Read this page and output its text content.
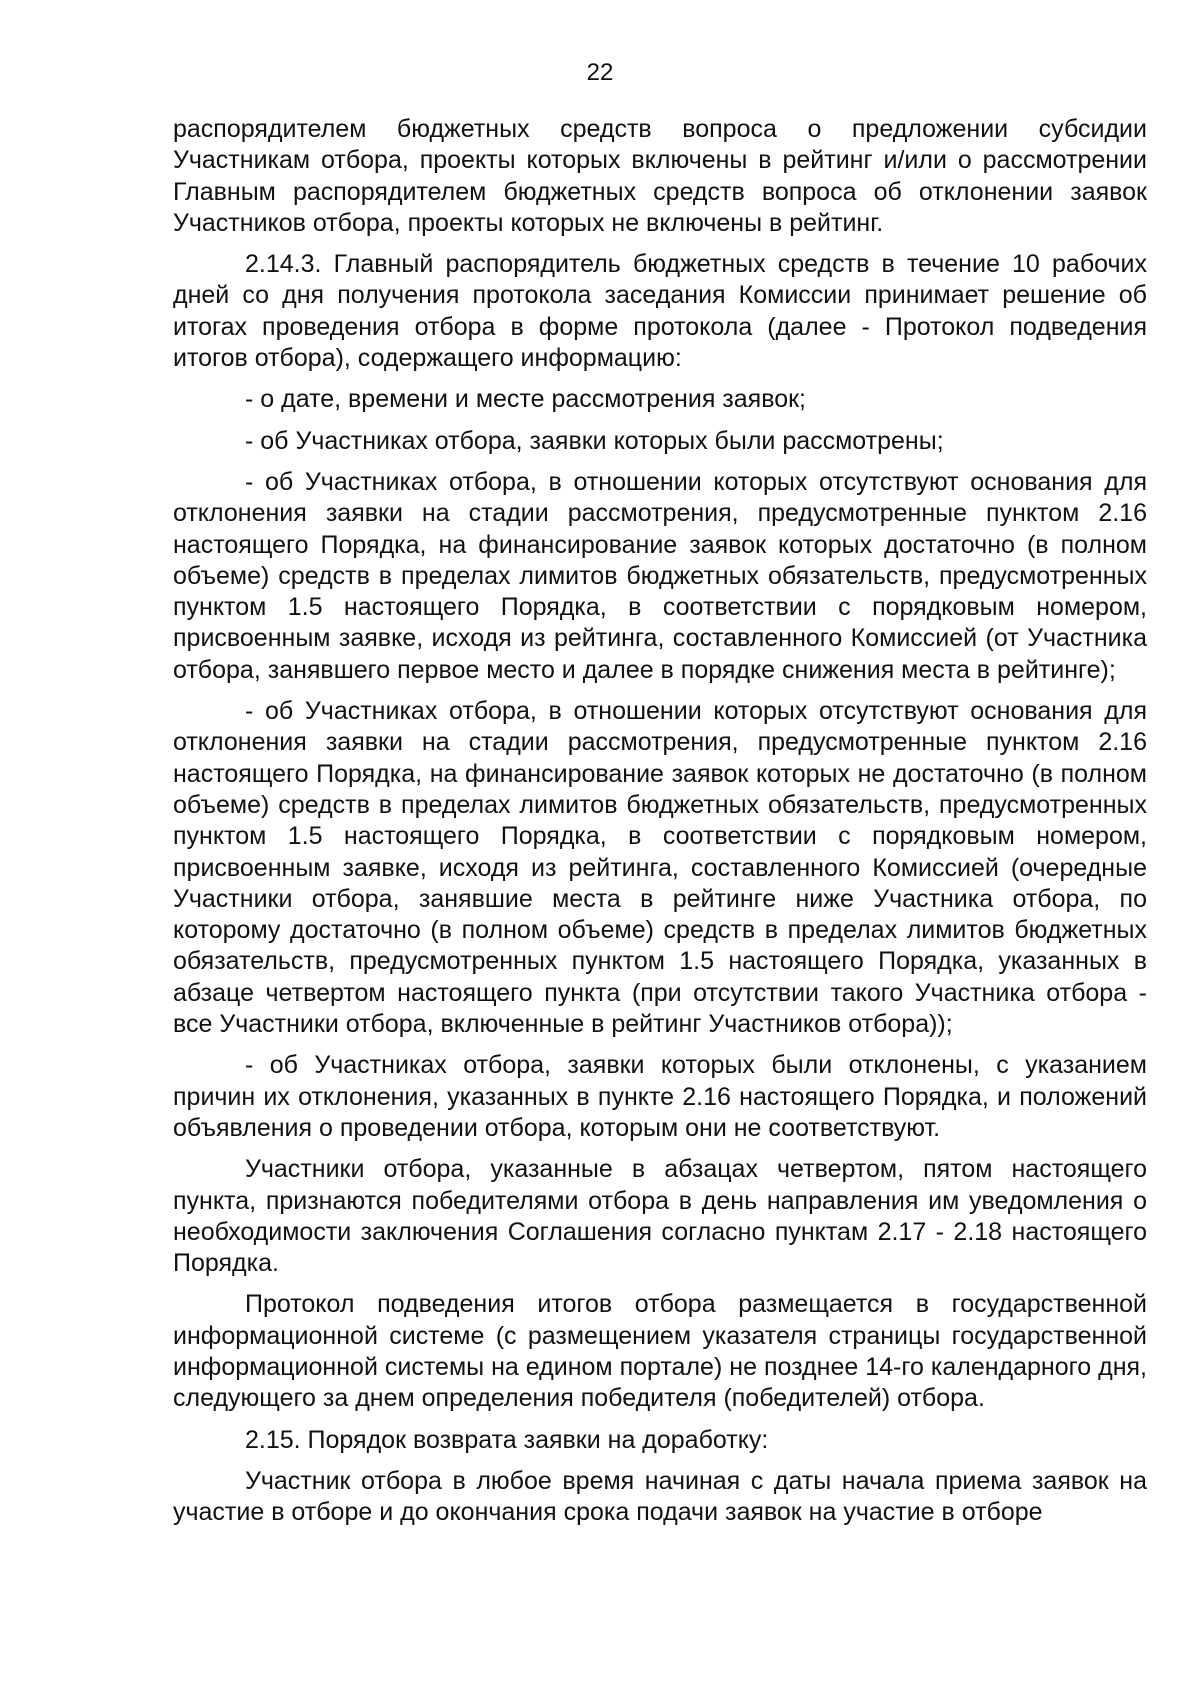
22

распорядителем бюджетных средств вопроса о предложении субсидии Участникам отбора, проекты которых включены в рейтинг и/или о рассмотрении Главным распорядителем бюджетных средств вопроса об отклонении заявок Участников отбора, проекты которых не включены в рейтинг.

2.14.3. Главный распорядитель бюджетных средств в течение 10 рабочих дней со дня получения протокола заседания Комиссии принимает решение об итогах проведения отбора в форме протокола (далее - Протокол подведения итогов отбора), содержащего информацию:

- о дате, времени и месте рассмотрения заявок;

- об Участниках отбора, заявки которых были рассмотрены;

- об Участниках отбора, в отношении которых отсутствуют основания для отклонения заявки на стадии рассмотрения, предусмотренные пунктом 2.16 настоящего Порядка, на финансирование заявок которых достаточно (в полном объеме) средств в пределах лимитов бюджетных обязательств, предусмотренных пунктом 1.5 настоящего Порядка, в соответствии с порядковым номером, присвоенным заявке, исходя из рейтинга, составленного Комиссией (от Участника отбора, занявшего первое место и далее в порядке снижения места в рейтинге);

- об Участниках отбора, в отношении которых отсутствуют основания для отклонения заявки на стадии рассмотрения, предусмотренные пунктом 2.16 настоящего Порядка, на финансирование заявок которых не достаточно (в полном объеме) средств в пределах лимитов бюджетных обязательств, предусмотренных пунктом 1.5 настоящего Порядка, в соответствии с порядковым номером, присвоенным заявке, исходя из рейтинга, составленного Комиссией (очередные Участники отбора, занявшие места в рейтинге ниже Участника отбора, по которому достаточно (в полном объеме) средств в пределах лимитов бюджетных обязательств, предусмотренных пунктом 1.5 настоящего Порядка, указанных в абзаце четвертом настоящего пункта (при отсутствии такого Участника отбора - все Участники отбора, включенные в рейтинг Участников отбора));

- об Участниках отбора, заявки которых были отклонены, с указанием причин их отклонения, указанных в пункте 2.16 настоящего Порядка, и положений объявления о проведении отбора, которым они не соответствуют.

Участники отбора, указанные в абзацах четвертом, пятом настоящего пункта, признаются победителями отбора в день направления им уведомления о необходимости заключения Соглашения согласно пунктам 2.17 - 2.18 настоящего Порядка.

Протокол подведения итогов отбора размещается в государственной информационной системе (с размещением указателя страницы государственной информационной системы на едином портале) не позднее 14-го календарного дня, следующего за днем определения победителя (победителей) отбора.

2.15. Порядок возврата заявки на доработку:

Участник отбора в любое время начиная с даты начала приема заявок на участие в отборе и до окончания срока подачи заявок на участие в отборе
